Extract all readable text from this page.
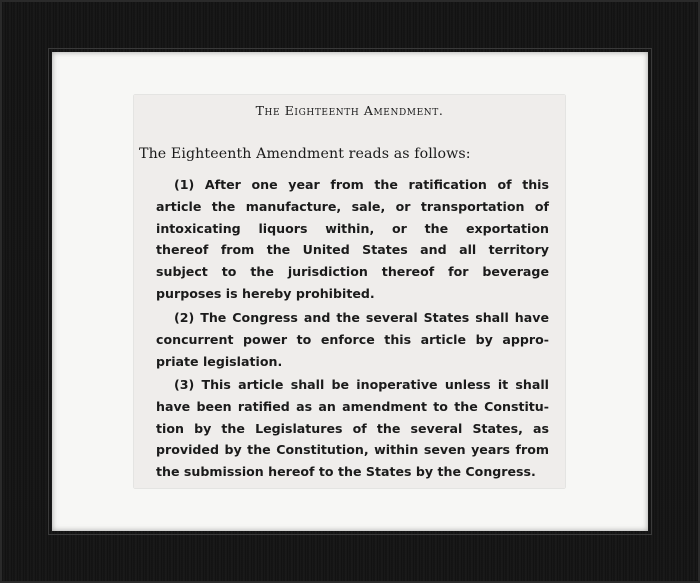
The Eighteenth Amendment.
The Eighteenth Amendment reads as follows:
(1) After one year from the ratification of this
article the manufacture, sale, or transportation of
intoxicating liquors within, or the exportation
thereof from the United States and all territory
subject to the jurisdiction thereof for beverage
purposes is hereby prohibited.
(2) The Congress and the several States shall have
concurrent power to enforce this article by appro-
priate legislation.
(3) This article shall be inoperative unless it shall
have been ratified as an amendment to the Constitu-
tion by the Legislatures of the several States, as
provided by the Constitution, within seven years from
the submission hereof to the States by the Congress.
